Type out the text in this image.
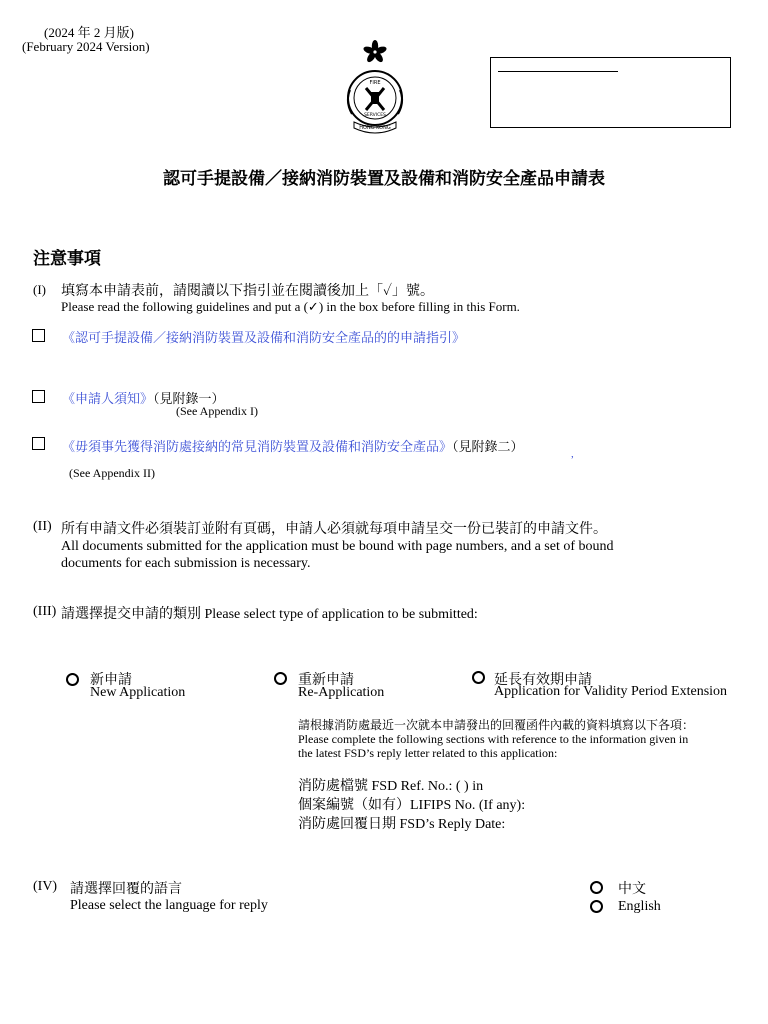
(2024 年 2 月版)
(February 2024 Version)
FIRE
SERVICES
HONG KONG
認可手提設備／接納消防裝置及設備和消防安全產品申請表
注意事項
(I) 填寫本申請表前，請閱讀以下指引並在閱讀後加上「✓」號。
Please read the following guidelines and put a (✓) in the box before filling in this Form.
《認可手提設備／接納消防裝置及設備和消防安全產品的的申請指引》
《申請人須知》（見附錄一）
(See Appendix I)
《毋須事先獲得消防處接納的常見消防裝置及設備和消防安全產品》（見附錄二）
(See Appendix II)
,
(II) 所有申請文件必須裝訂並附有頁碼，申請人必須就每項申請呈交一份已裝訂的申請文件。
All documents submitted for the application must be bound with page numbers, and a set of bound
documents for each submission is necessary.
(III) 請選擇提交申請的類別 Please select type of application to be submitted:
新申請
New Application
重新申請
Re-Application
延長有效期申請
Application for Validity Period Extension
請根據消防處最近一次就本申請發出的回覆函件內載的資料填寫以下各項：
Please complete the following sections with reference to the information given in
the latest FSD’s reply letter related to this application:
消防處檔號 FSD Ref. No.: ( ) in
個案編號（如有）LIFIPS No. (If any):
消防處回覆日期 FSD’s Reply Date:
(IV) 請選擇回覆的語言
Please select the language for reply
中文
English
